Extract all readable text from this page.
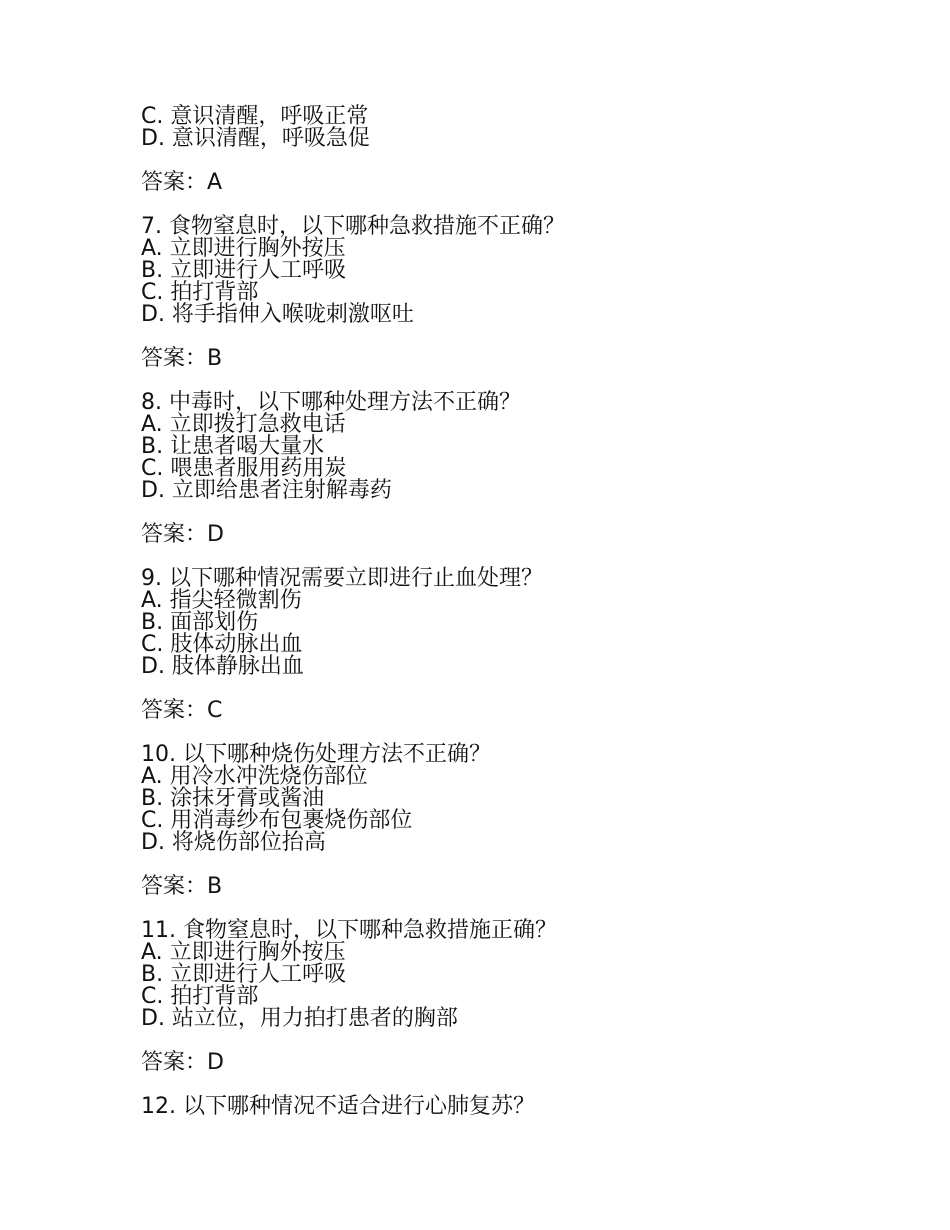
C. 意识清醒，呼吸正常
D. 意识清醒，呼吸急促
答案：A
7. 食物窒息时，以下哪种急救措施不正确？
A. 立即进行胸外按压
B. 立即进行人工呼吸
C. 拍打背部
D. 将手指伸入喉咙刺激呕吐
答案：B
8. 中毒时，以下哪种处理方法不正确？
A. 立即拨打急救电话
B. 让患者喝大量水
C. 喂患者服用药用炭
D. 立即给患者注射解毒药
答案：D
9. 以下哪种情况需要立即进行止血处理？
A. 指尖轻微割伤
B. 面部划伤
C. 肢体动脉出血
D. 肢体静脉出血
答案：C
10. 以下哪种烧伤处理方法不正确？
A. 用冷水冲洗烧伤部位
B. 涂抹牙膏或酱油
C. 用消毒纱布包裹烧伤部位
D. 将烧伤部位抬高
答案：B
11. 食物窒息时，以下哪种急救措施正确？
A. 立即进行胸外按压
B. 立即进行人工呼吸
C. 拍打背部
D. 站立位，用力拍打患者的胸部
答案：D
12. 以下哪种情况不适合进行心肺复苏？
